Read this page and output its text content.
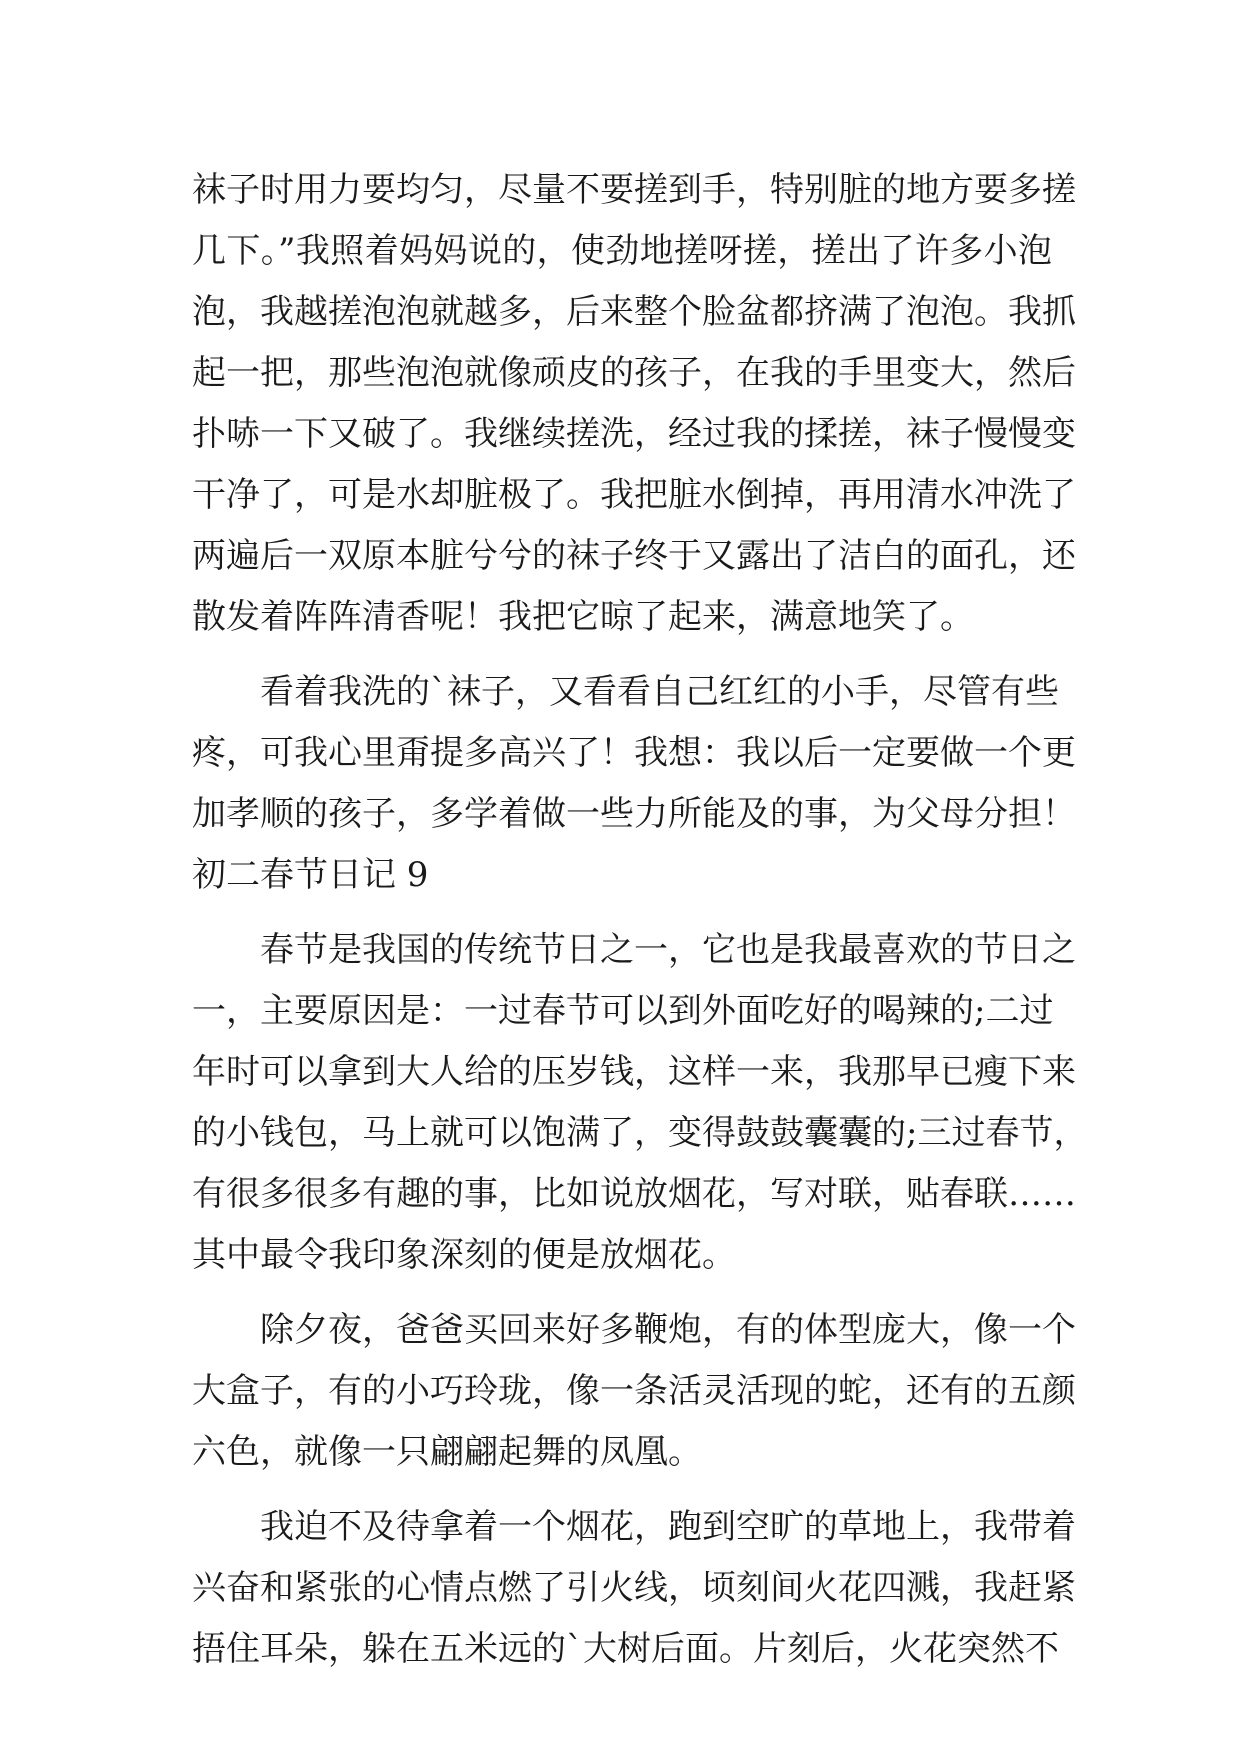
袜子时用力要均匀，尽量不要搓到手，特别脏的地方要多搓
几下。”我照着妈妈说的，使劲地搓呀搓，搓出了许多小泡
泡，我越搓泡泡就越多，后来整个脸盆都挤满了泡泡。我抓
起一把，那些泡泡就像顽皮的孩子，在我的手里变大，然后
扑哧一下又破了。我继续搓洗，经过我的揉搓，袜子慢慢变
干净了，可是水却脏极了。我把脏水倒掉，再用清水冲洗了
两遍后一双原本脏兮兮的袜子终于又露出了洁白的面孔，还
散发着阵阵清香呢！我把它晾了起来，满意地笑了。
看着我洗的`袜子，又看看自己红红的小手，尽管有些
疼，可我心里甭提多高兴了！我想：我以后一定要做一个更
加孝顺的孩子，多学着做一些力所能及的事，为父母分担！
初二春节日记 9
春节是我国的传统节日之一，它也是我最喜欢的节日之
一，主要原因是：一过春节可以到外面吃好的喝辣的;二过
年时可以拿到大人给的压岁钱，这样一来，我那早已瘦下来
的小钱包，马上就可以饱满了，变得鼓鼓囊囊的;三过春节，
有很多很多有趣的事，比如说放烟花，写对联，贴春联……
其中最令我印象深刻的便是放烟花。
除夕夜，爸爸买回来好多鞭炮，有的体型庞大，像一个
大盒子，有的小巧玲珑，像一条活灵活现的蛇，还有的五颜
六色，就像一只翩翩起舞的凤凰。
我迫不及待拿着一个烟花，跑到空旷的草地上，我带着
兴奋和紧张的心情点燃了引火线，顷刻间火花四溅，我赶紧
捂住耳朵，躲在五米远的`大树后面。片刻后，火花突然不
